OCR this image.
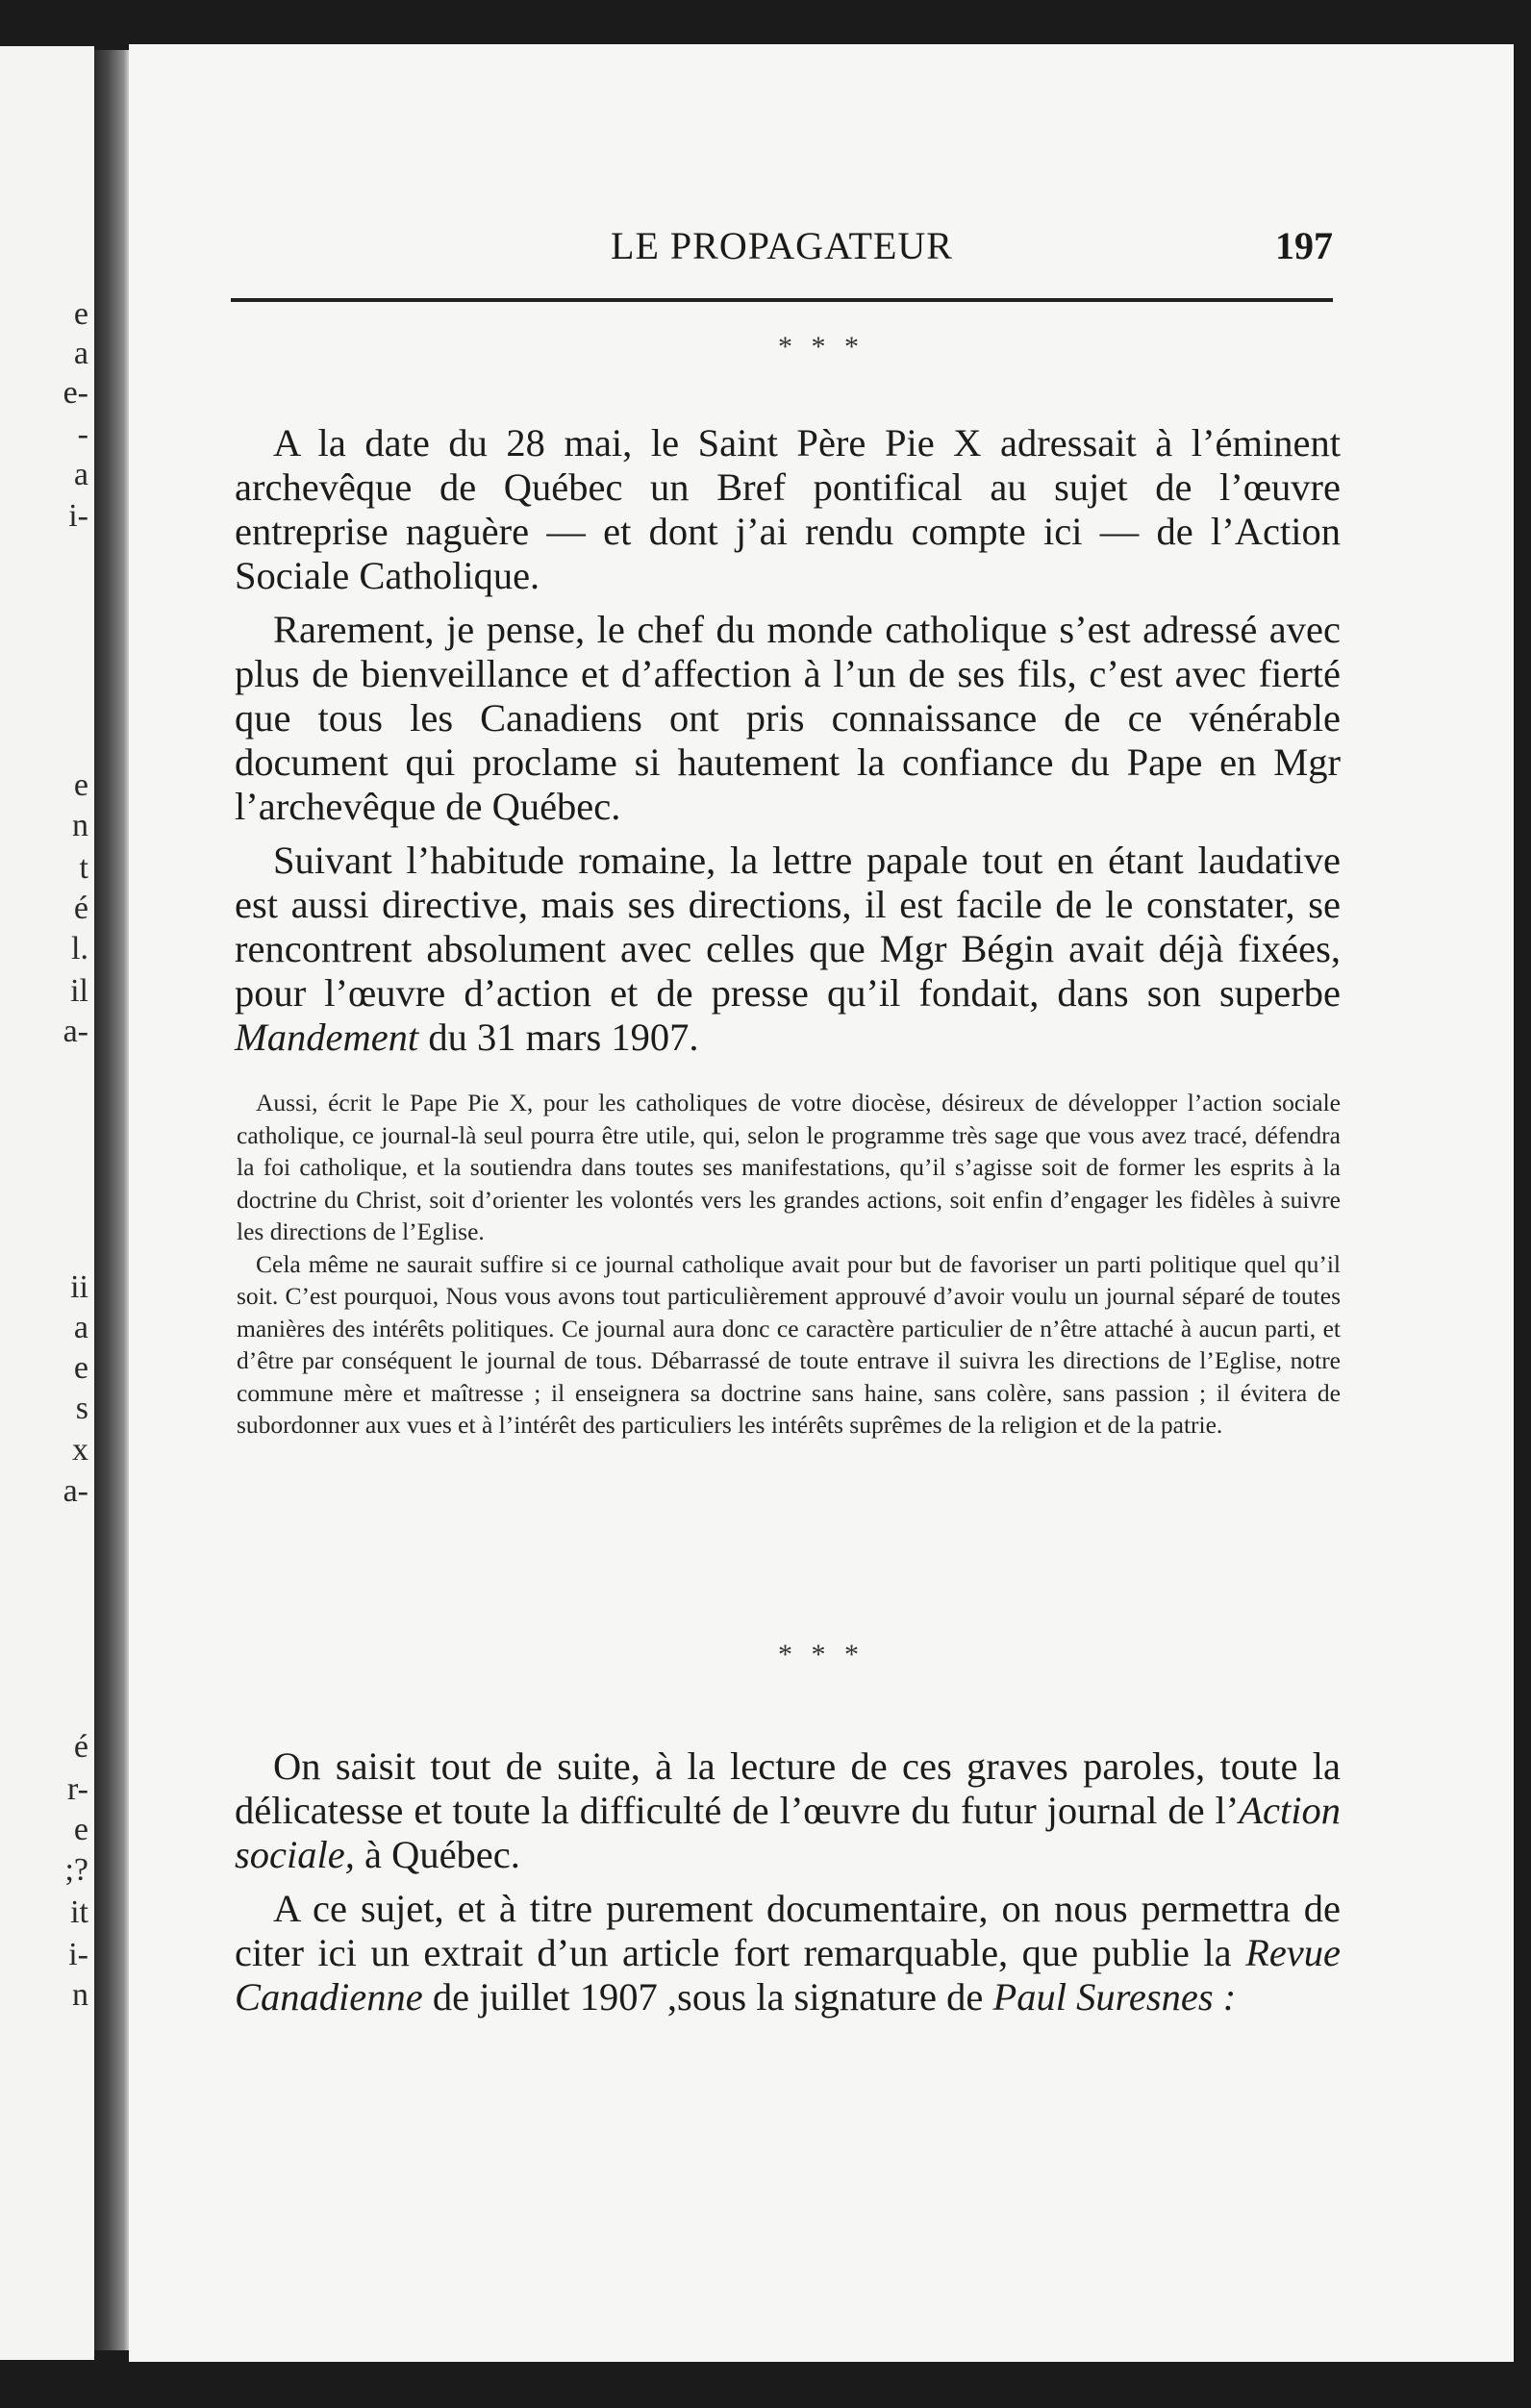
e
a
e-
-
a
i-
e
n
t
é
l.
il
a-
ii
a
e
s
x
a-
é
r-
e
;?
it
i-
n
LE PROPAGATEUR	197
* * *

A la date du 28 mai, le Saint Père Pie X adressait à l’éminent archevêque de Québec un Bref pontifical au sujet de l’œuvre entreprise naguère — et dont j’ai rendu compte ici — de l’Action Sociale Catholique.

Rarement, je pense, le chef du monde catholique s’est adressé avec plus de bienveillance et d’affection à l’un de ses fils, c’est avec fierté que tous les Canadiens ont pris connaissance de ce vénérable document qui proclame si hautement la confiance du Pape en Mgr l’archevêque de Québec.

Suivant l’habitude romaine, la lettre papale tout en étant laudative est aussi directive, mais ses directions, il est facile de le constater, se rencontrent absolument avec celles que Mgr Bégin avait déjà fixées, pour l’œuvre d’action et de presse qu’il fondait, dans son superbe Mandement du 31 mars 1907.

Aussi, écrit le Pape Pie X, pour les catholiques de votre diocèse, désireux de développer l’action sociale catholique, ce journal-là seul pourra être utile, qui, selon le programme très sage que vous avez tracé, défendra la foi catholique, et la soutiendra dans toutes ses manifestations, qu’il s’agisse soit de former les esprits à la doctrine du Christ, soit d’orienter les volontés vers les grandes actions, soit enfin d’engager les fidèles à suivre les directions de l’Eglise.

Cela même ne saurait suffire si ce journal catholique avait pour but de favoriser un parti politique quel qu’il soit. C’est pourquoi, Nous vous avons tout particulièrement approuvé d’avoir voulu un journal séparé de toutes manières des intérêts politiques. Ce journal aura donc ce caractère particulier de n’être attaché à aucun parti, et d’être par conséquent le journal de tous. Débarrassé de toute entrave il suivra les directions de l’Eglise, notre commune mère et maîtresse ; il enseignera sa doctrine sans haine, sans colère, sans passion ; il évitera de subordonner aux vues et à l’intérêt des particuliers les intérêts suprêmes de la religion et de la patrie.

* * *

On saisit tout de suite, à la lecture de ces graves paroles, toute la délicatesse et toute la difficulté de l’œuvre du futur journal de l’Action sociale, à Québec.

A ce sujet, et à titre purement documentaire, on nous permettra de citer ici un extrait d’un article fort remarquable, que publie la Revue Canadienne de juillet 1907 ,sous la signature de Paul Suresnes :
